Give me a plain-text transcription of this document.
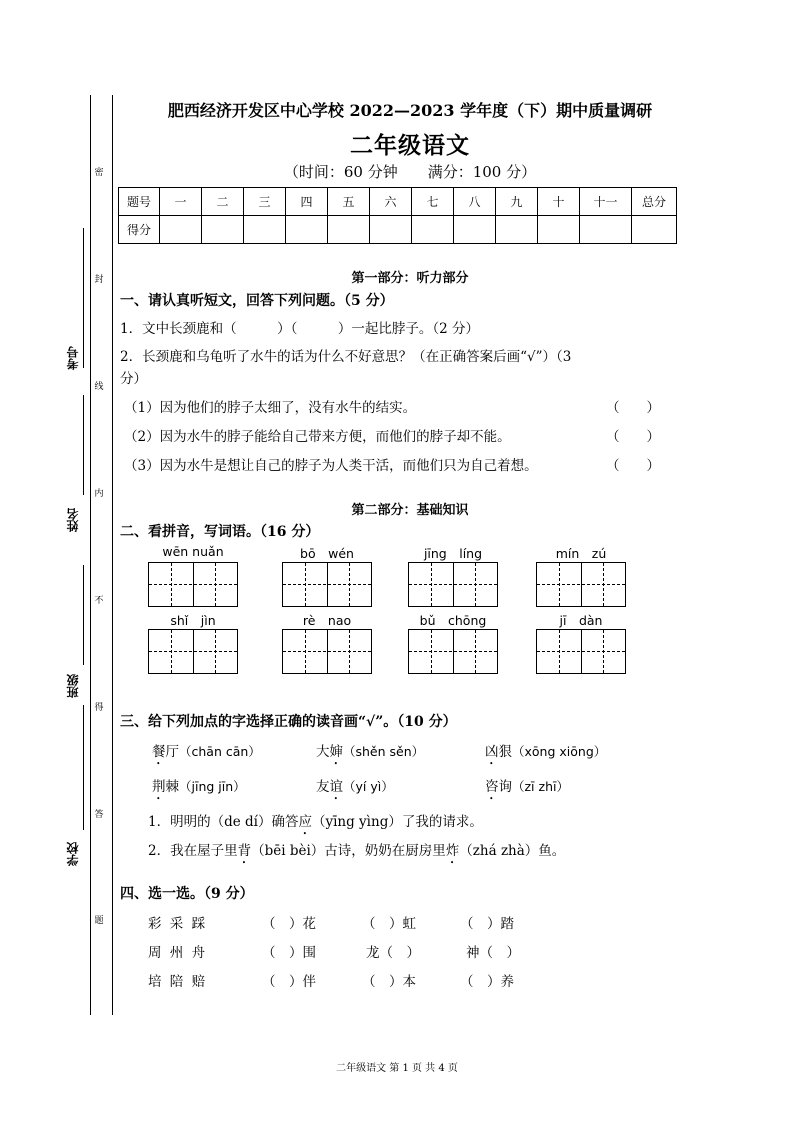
密
封
线
内
不
得
答
题
考号
姓名
班级
学校
肥西经济开发区中心学校 2022—2023 学年度（下）期中质量调研
二年级语文
（时间：60 分钟　　满分：100 分）
题号	一	二	三	四	五	六	七	八	九	十	十一	总分
得分												
第一部分：听力部分
一、请认真听短文，回答下列问题。（5 分）
1．文中长颈鹿和（　　　）（　　　）一起比脖子。（2 分）
2．长颈鹿和乌龟听了水牛的话为什么不好意思？（在正确答案后画“√”）（3
分）
（1）因为他们的脖子太细了，没有水牛的结实。	（　　）
（2）因为水牛的脖子能给自己带来方便，而他们的脖子却不能。	（　　）
（3）因为水牛是想让自己的脖子为人类干活，而他们只为自己着想。	（　　）
第二部分：基础知识
二、看拼音，写词语。（16 分）
wēn nuǎn	bō　wén	jīng　líng	mín　zú
shǐ　jìn	rè　nao	bǔ　chōng	jī　dàn
三、给下列加点的字选择正确的读音画“√”。（10 分）
餐厅（chān cān）	大婶（shěn sěn）	凶狠（xōng xiōng）
荆棘（jīng jīn）	友谊（yí yì）	咨询（zī zhī）
1．明明的（de dí）确答应（yīng yìng）了我的请求。
2．我在屋子里背（bēi bèi）古诗，奶奶在厨房里炸（zhá zhà）鱼。
四、选一选。（9 分）
彩 采 踩	（　）花	（　）虹	（　）踏
周 州 舟	（　）围	龙（　）	神（　）
培 陪 赔	（　）伴	（　）本	（　）养
二年级语文 第 1 页 共 4 页
